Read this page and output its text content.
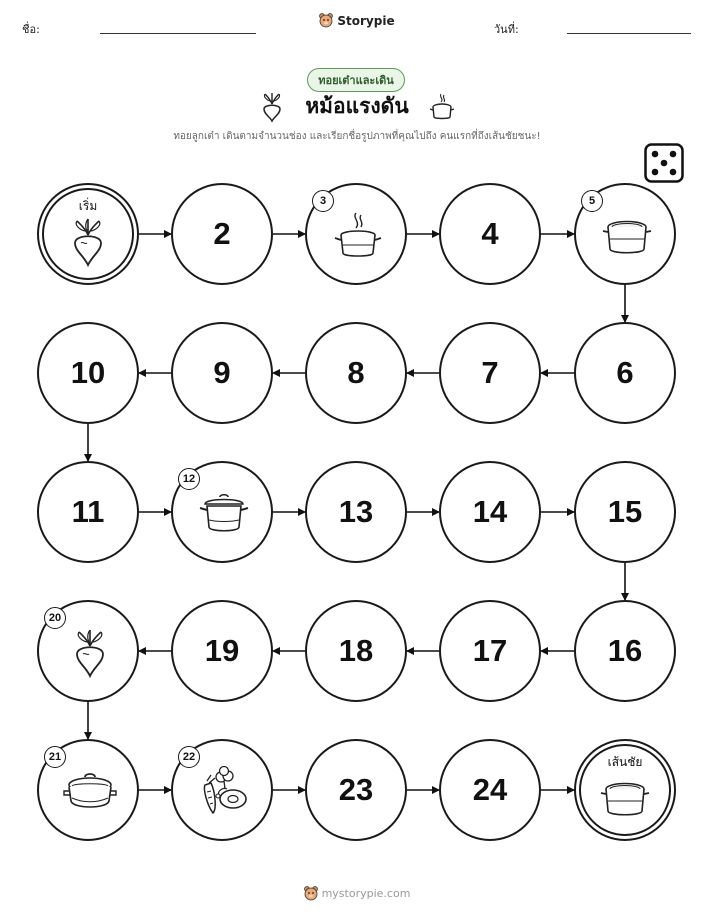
ชื่อ:	วันที่:
Storypie
ทอยเต๋าและเดิน
หม้อแรงดัน
ทอยลูกเต๋า เดินตามจำนวนช่อง และเรียกชื่อรูปภาพที่คุณไปถึง คนแรกที่ถึงเส้นชัยชนะ!
เริ่ม
2
3
4
5
6
7
8
9
10
11
12
13	14	15
16
17
18
19
20
21	22
23	24
เส้นชัย
mystorypie.com
